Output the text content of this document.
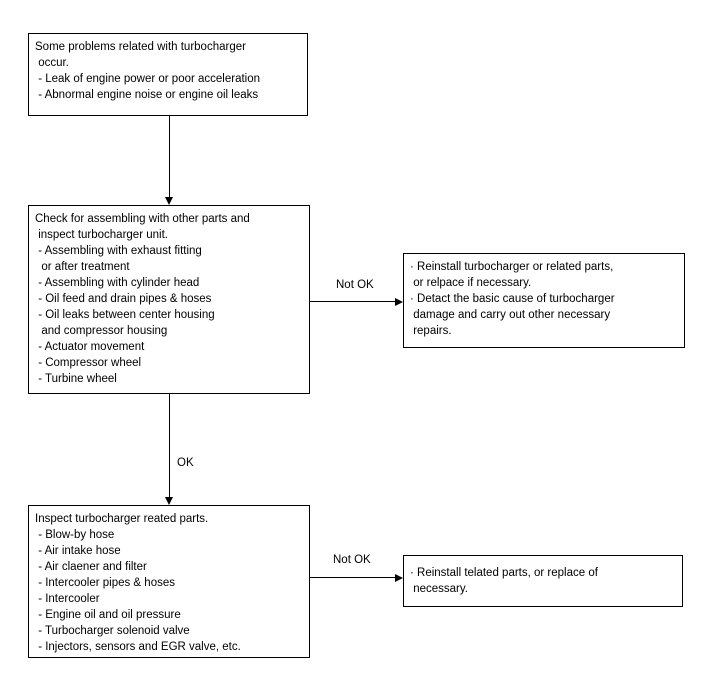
Some problems related with turbocharger
occur.
- Leak of engine power or poor acceleration
- Abnormal engine noise or engine oil leaks
Check for assembling with other parts and
inspect turbocharger unit.
- Assembling with exhaust fitting
or after treatment
- Assembling with cylinder head
- Oil feed and drain pipes & hoses
- Oil leaks between center housing
and compressor housing
- Actuator movement
- Compressor wheel
- Turbine wheel
Not OK
· Reinstall turbocharger or related parts,
or relpace if necessary.
· Detact the basic cause of turbocharger
damage and carry out other necessary
repairs.
OK
Inspect turbocharger reated parts.
- Blow-by hose
- Air intake hose
- Air claener and filter
- Intercooler pipes & hoses
- Intercooler
- Engine oil and oil pressure
- Turbocharger solenoid valve
- Injectors, sensors and EGR valve, etc.
Not OK
· Reinstall telated parts, or replace of
necessary.
